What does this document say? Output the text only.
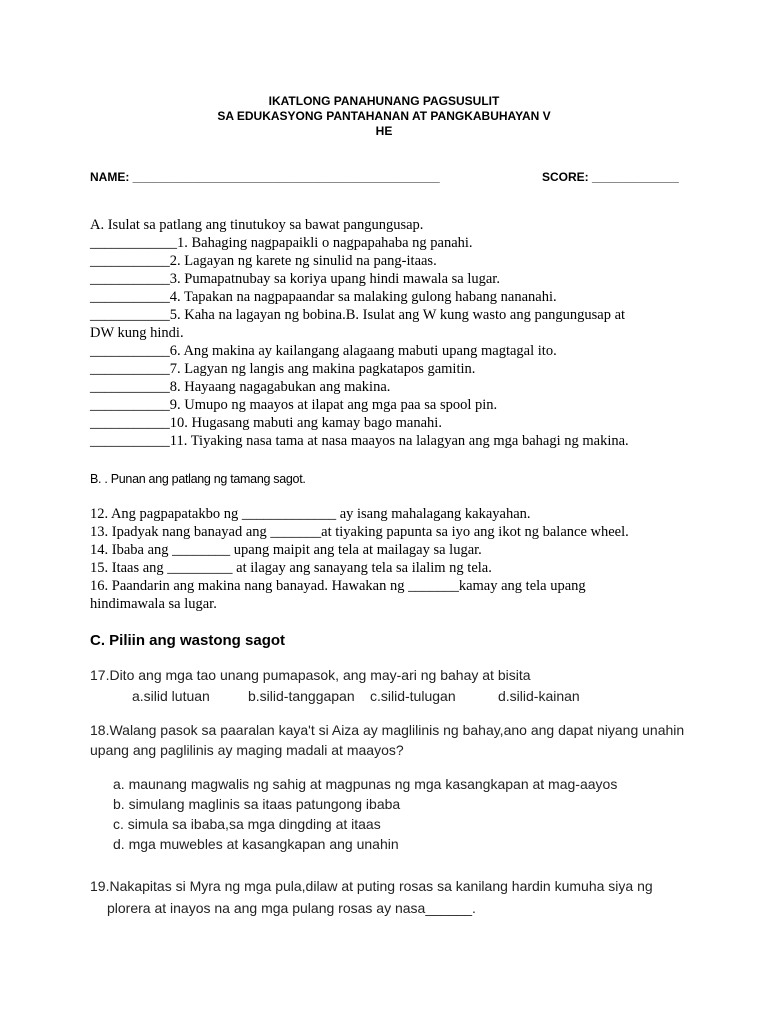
IKATLONG PANAHUNANG PAGSUSULIT
SA EDUKASYONG PANTAHANAN AT PANGKABUHAYAN V
HE
NAME: ______________________________________________	SCORE: _____________
A. Isulat sa patlang ang tinutukoy sa bawat pangungusap.
____________1. Bahaging nagpapaikli o nagpapahaba ng panahi.
___________2. Lagayan ng karete ng sinulid na pang-itaas.
___________3. Pumapatnubay sa koriya upang hindi mawala sa lugar.
___________4. Tapakan na nagpapaandar sa malaking gulong habang nananahi.
___________5. Kaha na lagayan ng bobina.B. Isulat ang W kung wasto ang pangungusap at
DW kung hindi.
___________6. Ang makina ay kailangang alagaang mabuti upang magtagal ito.
___________7. Lagyan ng langis ang makina pagkatapos gamitin.
___________8. Hayaang nagagabukan ang makina.
___________9. Umupo ng maayos at ilapat ang mga paa sa spool pin.
___________10. Hugasang mabuti ang kamay bago manahi.
___________11. Tiyaking nasa tama at nasa maayos na lalagyan ang mga bahagi ng makina.
B. . Punan ang patlang ng tamang sagot.
12. Ang pagpapatakbo ng _____________ ay isang mahalagang kakayahan.
13. Ipadyak nang banayad ang _______at tiyaking papunta sa iyo ang ikot ng balance wheel.
14. Ibaba ang ________ upang maipit ang tela at mailagay sa lugar.
15. Itaas ang _________ at ilagay ang sanayang tela sa ilalim ng tela.
16. Paandarin ang makina nang banayad. Hawakan ng _______kamay ang tela upang
hindimawala sa lugar.
C. Piliin ang wastong sagot
17.Dito ang mga tao unang pumapasok, ang may-ari ng bahay at bisita
a.silid lutuan	b.silid-tanggapan c.silid-tulugan	d.silid-kainan
18.Walang pasok sa paaralan kaya't si Aiza ay maglilinis ng bahay,ano ang dapat niyang unahin
upang ang paglilinis ay maging madali at maayos?
a. maunang magwalis ng sahig at magpunas ng mga kasangkapan at mag-aayos
b. simulang maglinis sa itaas patungong ibaba
c. simula sa ibaba,sa mga dingding at itaas
d. mga muwebles at kasangkapan ang unahin
19.Nakapitas si Myra ng mga pula,dilaw at puting rosas sa kanilang hardin kumuha siya ng
plorera at inayos na ang mga pulang rosas ay nasa______.
